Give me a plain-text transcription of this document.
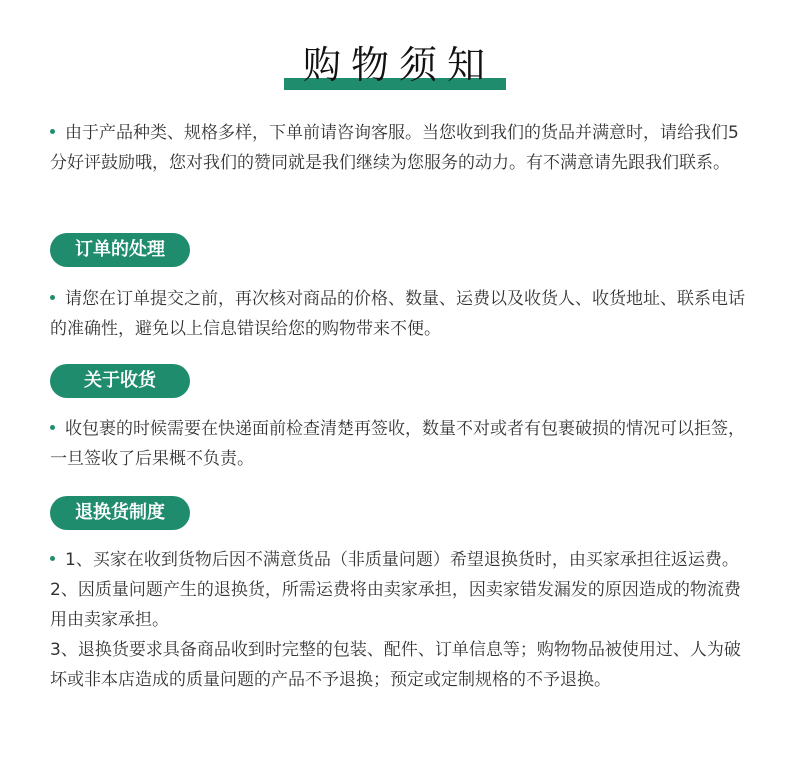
购物须知
由于产品种类、规格多样，下单前请咨询客服。当您收到我们的货品并满意时，请给我们5分好评鼓励哦，您对我们的赞同就是我们继续为您服务的动力。有不满意请先跟我们联系。
订单的处理
请您在订单提交之前，再次核对商品的价格、数量、运费以及收货人、收货地址、联系电话的准确性，避免以上信息错误给您的购物带来不便。
关于收货
收包裹的时候需要在快递面前检查清楚再签收，数量不对或者有包裹破损的情况可以拒签，一旦签收了后果概不负责。
退换货制度
1、买家在收到货物后因不满意货品（非质量问题）希望退换货时，由买家承担往返运费。
2、因质量问题产生的退换货，所需运费将由卖家承担，因卖家错发漏发的原因造成的物流费用由卖家承担。
3、退换货要求具备商品收到时完整的包装、配件、订单信息等；购物物品被使用过、人为破坏或非本店造成的质量问题的产品不予退换；预定或定制规格的不予退换。
